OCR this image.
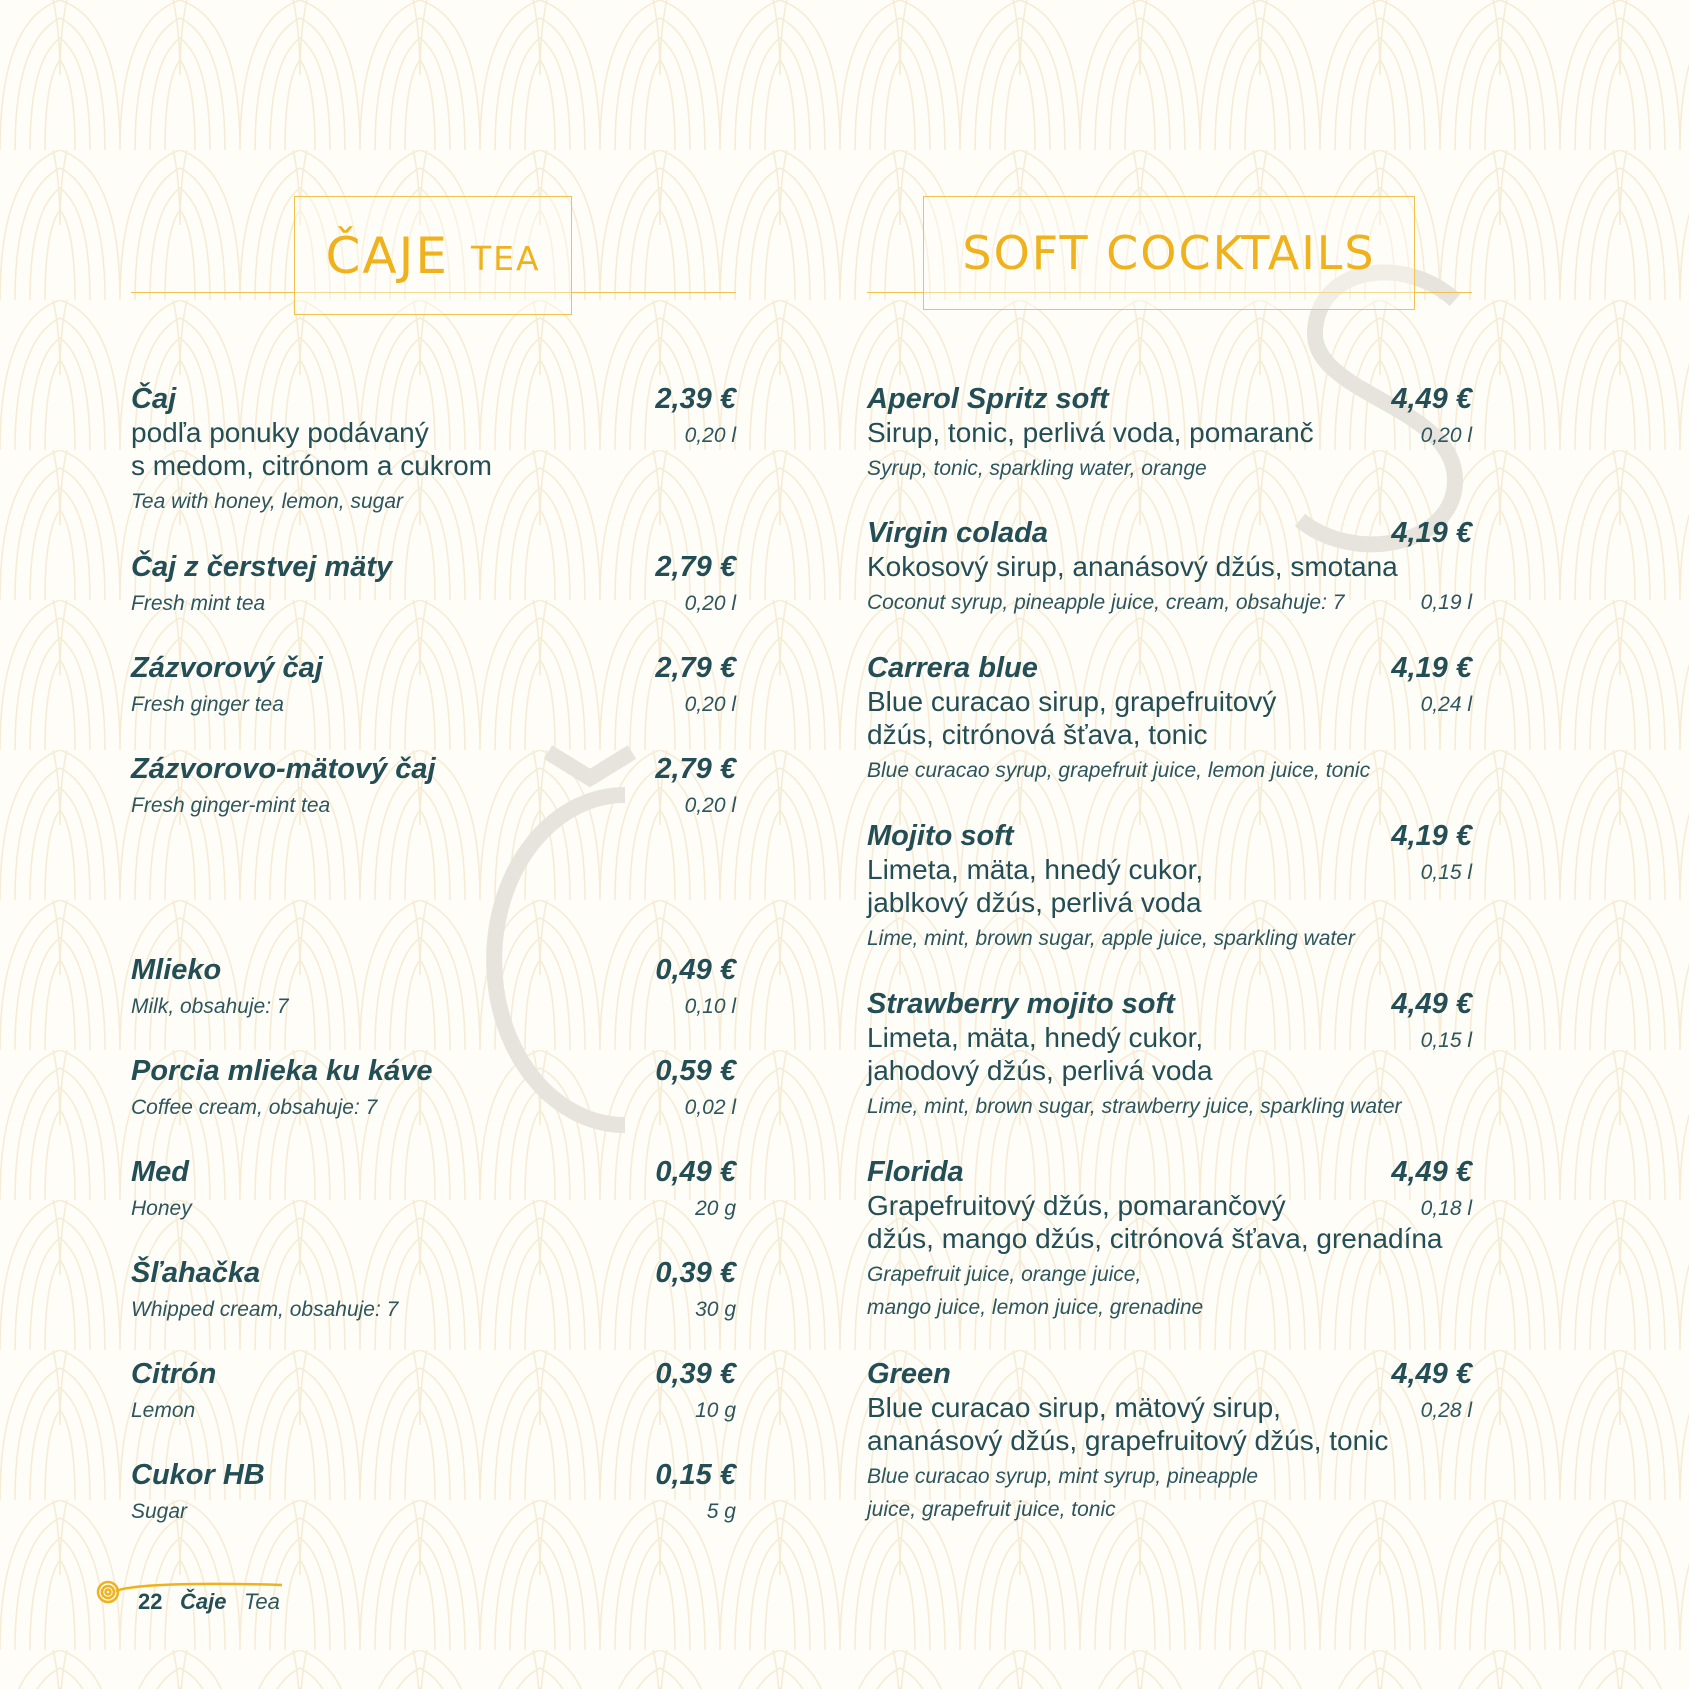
ČAJE TEA
Čaj	2,39 €
podľa ponuky podávaný	0,20 l
s medom, citrónom a cukrom
Tea with honey, lemon, sugar
Čaj z čerstvej mäty	2,79 €
Fresh mint tea	0,20 l
Zázvorový čaj	2,79 €
Fresh ginger tea	0,20 l
Zázvorovo-mätový čaj	2,79 €
Fresh ginger-mint tea	0,20 l
Mlieko	0,49 €
Milk, obsahuje: 7	0,10 l
Porcia mlieka ku káve	0,59 €
Coffee cream, obsahuje: 7	0,02 l
Med	0,49 €
Honey	20 g
Šľahačka	0,39 €
Whipped cream, obsahuje: 7	30 g
Citrón	0,39 €
Lemon	10 g
Cukor HB	0,15 €
Sugar	5 g
SOFT COCKTAILS
Aperol Spritz soft	4,49 €
Sirup, tonic, perlivá voda, pomaranč	0,20 l
Syrup, tonic, sparkling water, orange
Virgin colada	4,19 €
Kokosový sirup, ananásový džús, smotana
Coconut syrup, pineapple juice, cream, obsahuje: 7	0,19 l
Carrera blue	4,19 €
Blue curacao sirup, grapefruitový	0,24 l
džús, citrónová šťava, tonic
Blue curacao syrup, grapefruit juice, lemon juice, tonic
Mojito soft	4,19 €
Limeta, mäta, hnedý cukor,	0,15 l
jablkový džús, perlivá voda
Lime, mint, brown sugar, apple juice, sparkling water
Strawberry mojito soft	4,49 €
Limeta, mäta, hnedý cukor,	0,15 l
jahodový džús, perlivá voda
Lime, mint, brown sugar, strawberry juice, sparkling water
Florida	4,49 €
Grapefruitový džús, pomarančový	0,18 l
džús, mango džús, citrónová šťava, grenadína
Grapefruit juice, orange juice,
mango juice, lemon juice, grenadine
Green	4,49 €
Blue curacao sirup, mätový sirup,	0,28 l
ananásový džús, grapefruitový džús, tonic
Blue curacao syrup, mint syrup, pineapple
juice, grapefruit juice, tonic
22 Čaje Tea
